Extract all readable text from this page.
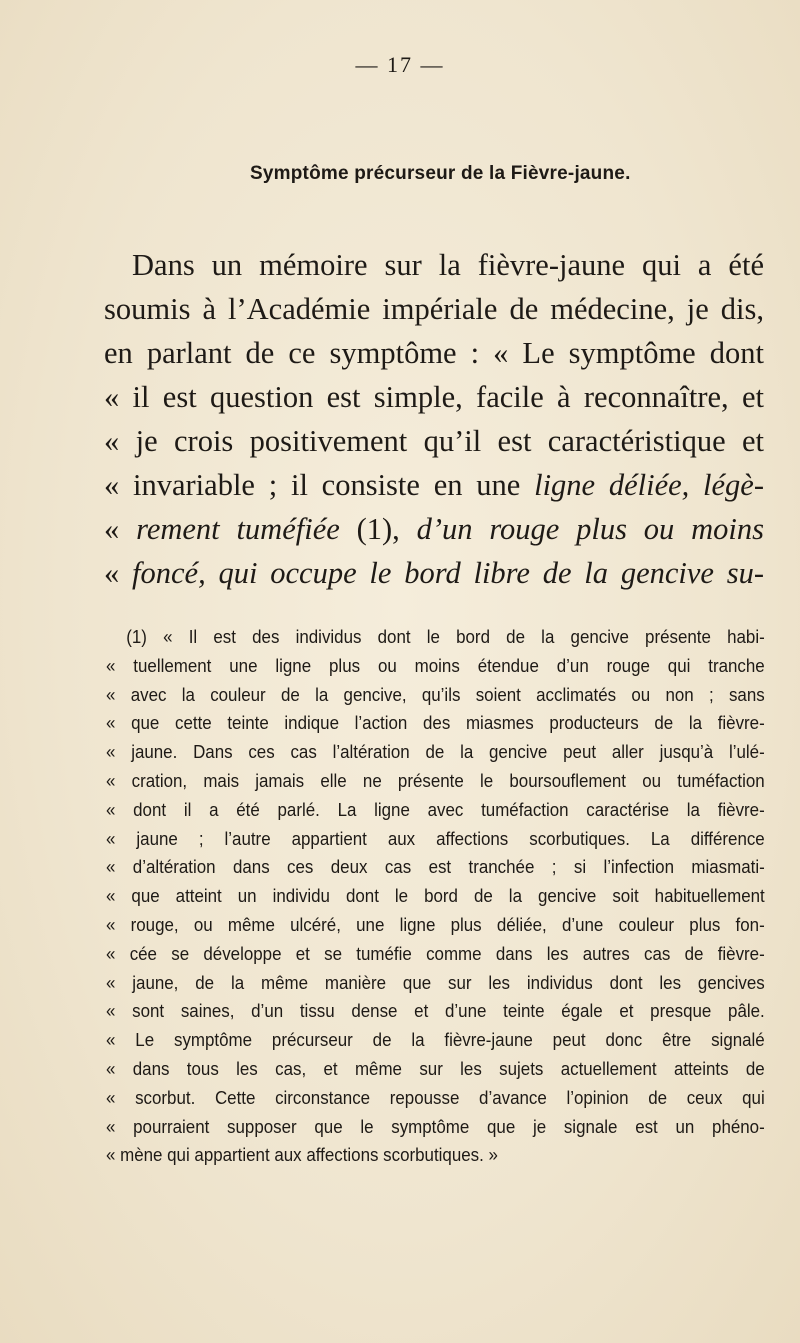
— 17 —
Symptôme précurseur de la Fièvre-jaune.
Dans un mémoire sur la fièvre-jaune qui a été
soumis à l’Académie impériale de médecine, je dis,
en parlant de ce symptôme : « Le symptôme dont
« il est question est simple, facile à reconnaître, et
« je crois positivement qu’il est caractéristique et
« invariable ; il consiste en une ligne déliée, légè-
« rement tuméfiée (1), d’un rouge plus ou moins
« foncé, qui occupe le bord libre de la gencive su-
(1) « Il est des individus dont le bord de la gencive présente habi-
« tuellement une ligne plus ou moins étendue d’un rouge qui tranche
« avec la couleur de la gencive, qu’ils soient acclimatés ou non ; sans
« que cette teinte indique l’action des miasmes producteurs de la fièvre-
« jaune. Dans ces cas l’altération de la gencive peut aller jusqu’à l’ulé-
« cration, mais jamais elle ne présente le boursouflement ou tuméfaction
« dont il a été parlé. La ligne avec tuméfaction caractérise la fièvre-
« jaune ; l’autre appartient aux affections scorbutiques. La différence
« d’altération dans ces deux cas est tranchée ; si l’infection miasmati-
« que atteint un individu dont le bord de la gencive soit habituellement
« rouge, ou même ulcéré, une ligne plus déliée, d’une couleur plus fon-
« cée se développe et se tuméfie comme dans les autres cas de fièvre-
« jaune, de la même manière que sur les individus dont les gencives
« sont saines, d’un tissu dense et d’une teinte égale et presque pâle.
« Le symptôme précurseur de la fièvre-jaune peut donc être signalé
« dans tous les cas, et même sur les sujets actuellement atteints de
« scorbut. Cette circonstance repousse d’avance l’opinion de ceux qui
« pourraient supposer que le symptôme que je signale est un phéno-
« mène qui appartient aux affections scorbutiques. »
